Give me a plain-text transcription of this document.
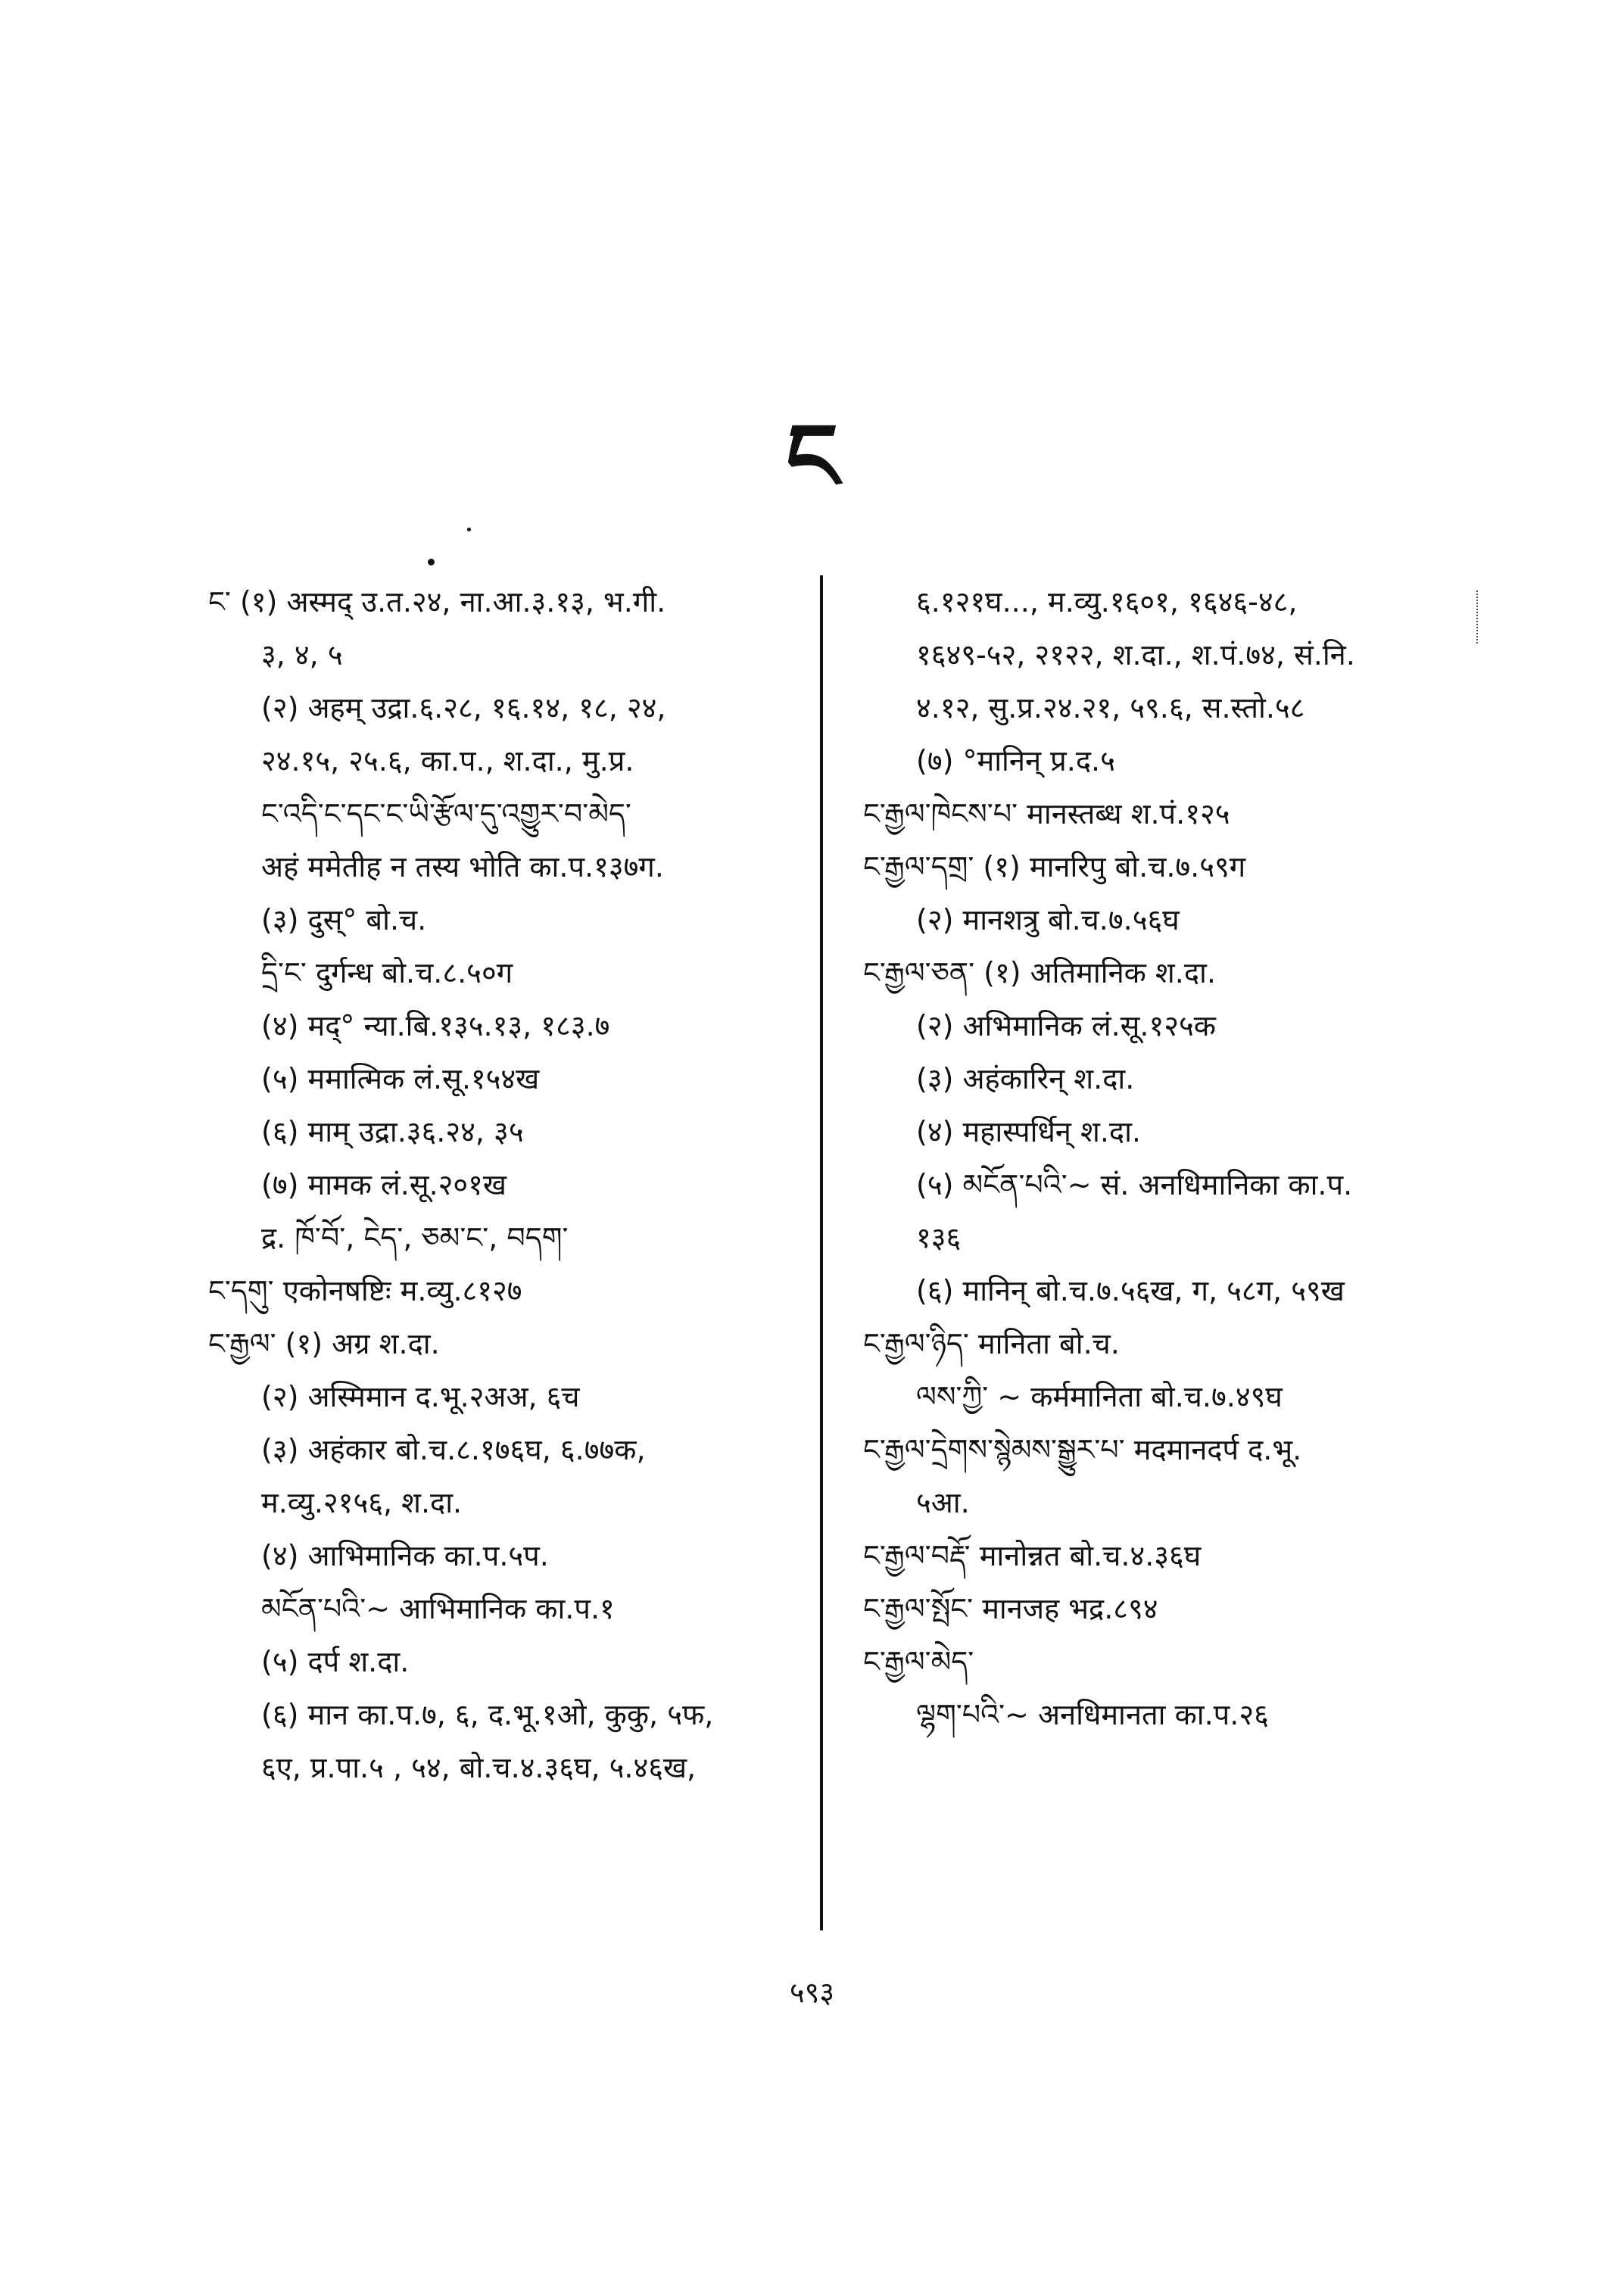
ང
ང་ (१) अस्मद् उ.त.२४, ना.आ.३.१३, भ.गी.
३, ४, ५
(२) अहम् उद्रा.६.२८, १६.१४, १८, २४,
२४.१५, २५.६, का.प., श.दा., मु.प्र.
ང་འདི་ང་དང་ང་ཡི་རྩོལ་དུ་འགྱུར་བ་མེད་
अहं ममेतीह न तस्य भोति का.प.१३७ग.
(३) दुस्° बो.च.
དྲི་ང་ दुर्गन्ध बो.च.८.५०ग
(४) मद्° न्या.बि.१३५.१३, १८३.७
(५) ममात्मिक लं.सू.१५४ख
(६) माम् उद्रा.३६.२४, ३५
(७) मामक लं.सू.२०१ख
द्र. ཁོ་བོ་, ངེད་, ཅམ་ང་, བདག་
ང་དགུ་ एकोनषष्टिः म.व्यु.८१२७
ང་རྒྱལ་ (१) अग्र श.दा.
(२) अस्मिमान द.भू.२अअ, ६च
(३) अहंकार बो.च.८.१७६घ, ६.७७क,
म.व्यु.२१५६, श.दा.
(४) आभिमानिक का.प.५प.
མངོན་པའི་~ आभिमानिक का.प.१
(५) दर्प श.दा.
(६) मान का.प.७, ६, द.भू.१ओ, कुकु, ५फ,
६ए, प्र.पा.५ , ५४, बो.च.४.३६घ, ५.४६ख,
६.१२१घ..., म.व्यु.१६०१, १६४६-४८,
१६४९-५२, २१२२, श.दा., श.पं.७४, सं.नि.
४.१२, सु.प्र.२४.२१, ५९.६, स.स्तो.५८
(७) °मानिन् प्र.द.५
ང་རྒྱལ་ཁེངས་པ་ मानस्तब्ध श.पं.१२५
ང་རྒྱལ་དགྲ་ (१) मानरिपु बो.च.७.५९ग
(२) मानशत्रु बो.च.७.५६घ
ང་རྒྱལ་ཅན་ (१) अतिमानिक श.दा.
(२) अभिमानिक लं.सू.१२५क
(३) अहंकारिन् श.दा.
(४) महास्पर्धिन् श.दा.
(५) མངོན་པའི་~ सं. अनधिमानिका का.प.
१३६
(६) मानिन् बो.च.७.५६ख, ग, ५८ग, ५९ख
ང་རྒྱལ་ཉིད་ मानिता बो.च.
ལས་ཀྱི་ ~ कर्ममानिता बो.च.७.४९घ
ང་རྒྱལ་དྲེགས་སྙེམས་སྒྱུར་པ་ मदमानदर्प द.भू.
५आ.
ང་རྒྱལ་བརྡོ་ मानोन्नत बो.च.४.३६घ
ང་རྒྱལ་སྤོང་ मानजह भद्र.८९४
ང་རྒྱལ་མེད་
ལྷག་པའི་~ अनधिमानता का.प.२६
५९३
